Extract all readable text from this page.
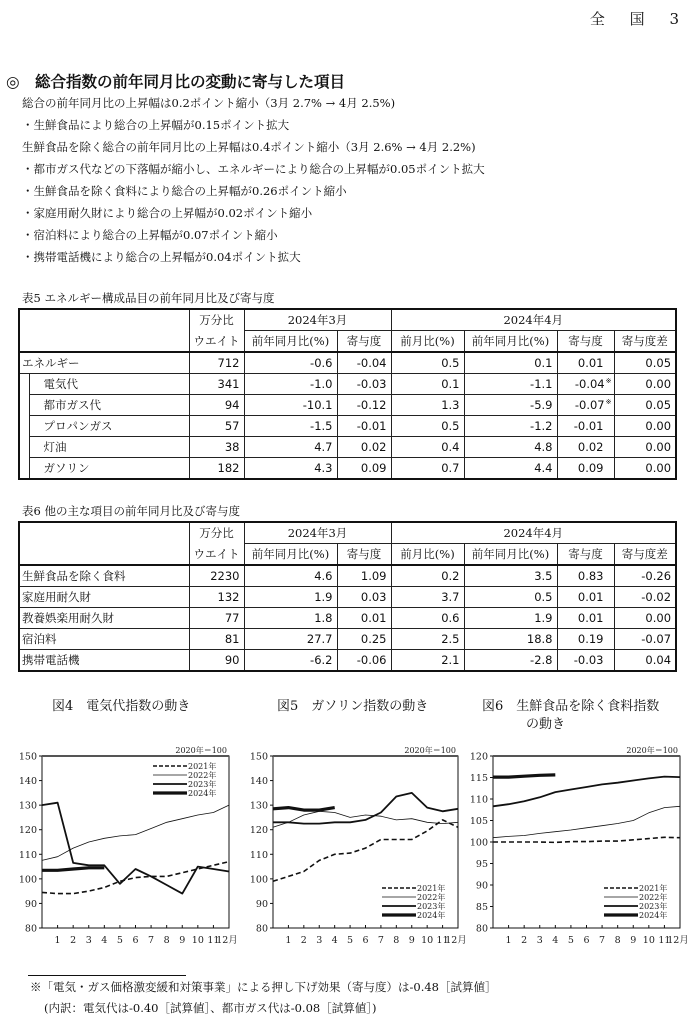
全 国 3
◎　総合指数の前年同月比の変動に寄与した項目
総合の前年同月比の上昇幅は0.2ポイント縮小（3月 2.7% → 4月 2.5%)
・生鮮食品により総合の上昇幅が0.15ポイント拡大
生鮮食品を除く総合の前年同月比の上昇幅は0.4ポイント縮小（3月 2.6% → 4月 2.2%)
・都市ガス代などの下落幅が縮小し、エネルギーにより総合の上昇幅が0.05ポイント拡大
・生鮮食品を除く食料により総合の上昇幅が0.26ポイント縮小
・家庭用耐久財により総合の上昇幅が0.02ポイント縮小
・宿泊料により総合の上昇幅が0.07ポイント縮小
・携帯電話機により総合の上昇幅が0.04ポイント拡大
表5 エネルギー構成品目の前年同月比及び寄与度
		万分比	2024年3月		2024年4月			
		ウエイト	前年同月比(%)	寄与度	前月比(%)	前年同月比(%)	寄与度	寄与度差
エネルギー		712	-0.6	-0.04	0.5	0.1	0.01	0.05
	電気代	341	-1.0	-0.03	0.1	-1.1	-0.04※	0.00
	都市ガス代	94	-10.1	-0.12	1.3	-5.9	-0.07※	0.05
	プロパンガス	57	-1.5	-0.01	0.5	-1.2	-0.01	0.00
	灯油	38	4.7	0.02	0.4	4.8	0.02	0.00
	ガソリン	182	4.3	0.09	0.7	4.4	0.09	0.00
表6 他の主な項目の前年同月比及び寄与度
	万分比	2024年3月		2024年4月			
	ウエイト	前年同月比(%)	寄与度	前月比(%)	前年同月比(%)	寄与度	寄与度差
生鮮食品を除く食料	2230	4.6	1.09	0.2	3.5	0.83	-0.26
家庭用耐久財	132	1.9	0.03	3.7	0.5	0.01	-0.02
教養娯楽用耐久財	77	1.8	0.01	0.6	1.9	0.01	0.00
宿泊料	81	27.7	0.25	2.5	18.8	0.19	-0.07
携帯電話機	90	-6.2	-0.06	2.1	-2.8	-0.03	0.04
図4　電気代指数の動き	図5　ガソリン指数の動き	図6　生鮮食品を除く食料指数
の動き
80
90
100
110
120
130
140
150
1 2 3 4 5 6 7 8 9 10 11
12月
2020年＝100
2021年
2022年
2023年
2024年
80
90
100
110
120
130
140
150
1 2 3 4 5 6 7 8 9 10 11
12月
2020年＝100
2021年
2022年
2023年
2024年
80
85
90
95
100
105
110
115
120
1 2 3 4 5 6 7 8 9 10 11
12月
2020年＝100
2021年
2022年
2023年
2024年
※「電気・ガス価格激変緩和対策事業」による押し下げ効果（寄与度）は-0.48［試算値］
(内訳：電気代は-0.40［試算値］、都市ガス代は-0.08［試算値］)
